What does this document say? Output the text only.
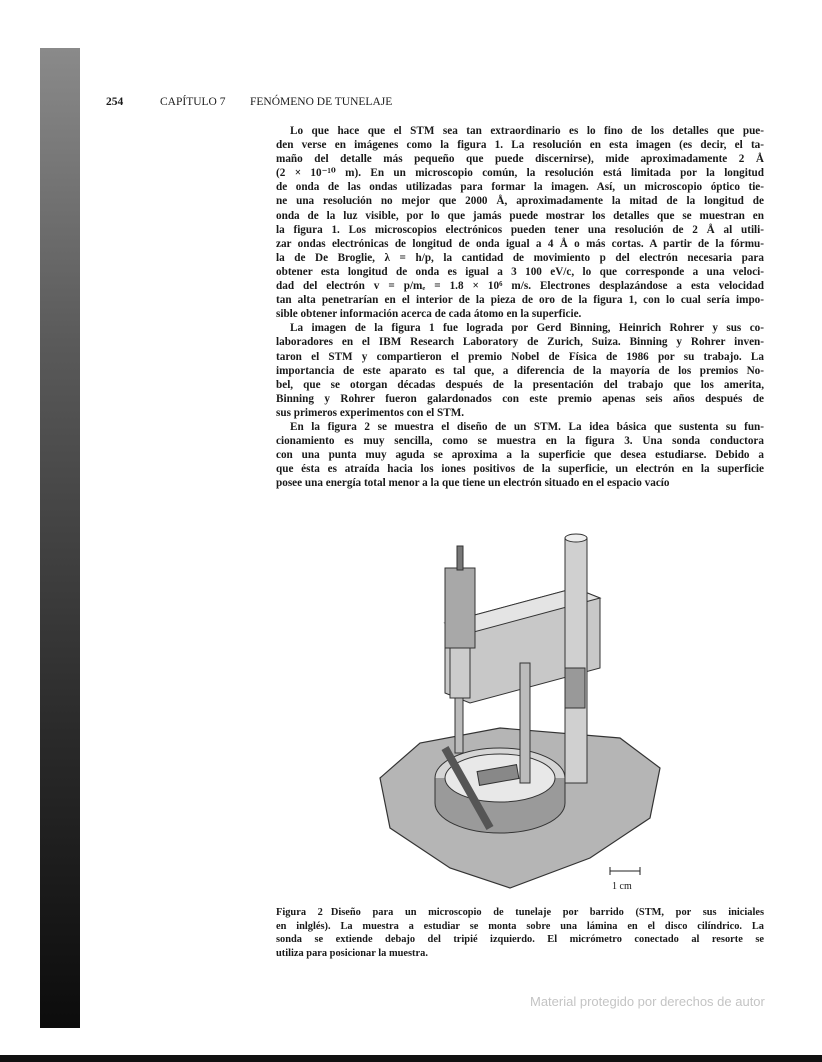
254	CAPÍTULO 7 FENÓMENO DE TUNELAJE
Lo que hace que el STM sea tan extraordinario es lo fino de los detalles que pue-
den verse en imágenes como la figura 1. La resolución en esta imagen (es decir, el ta-
maño del detalle más pequeño que puede discernirse), mide aproximadamente 2 Å
(2 × 10⁻¹⁰ m). En un microscopio común, la resolución está limitada por la longitud
de onda de las ondas utilizadas para formar la imagen. Así, un microscopio óptico tie-
ne una resolución no mejor que 2000 Å, aproximadamente la mitad de la longitud de
onda de la luz visible, por lo que jamás puede mostrar los detalles que se muestran en
la figura 1. Los microscopios electrónicos pueden tener una resolución de 2 Å al utili-
zar ondas electrónicas de longitud de onda igual a 4 Å o más cortas. A partir de la fórmu-
la de De Broglie, λ = h/p, la cantidad de movimiento p del electrón necesaria para
obtener esta longitud de onda es igual a 3 100 eV/c, lo que corresponde a una veloci-
dad del electrón v = p/mₑ = 1.8 × 10⁶ m/s. Electrones desplazándose a esta velocidad
tan alta penetrarían en el interior de la pieza de oro de la figura 1, con lo cual sería impo-
sible obtener información acerca de cada átomo en la superficie.
La imagen de la figura 1 fue lograda por Gerd Binning, Heinrich Rohrer y sus co-
laboradores en el IBM Research Laboratory de Zurich, Suiza. Binning y Rohrer inven-
taron el STM y compartieron el premio Nobel de Física de 1986 por su trabajo. La
importancia de este aparato es tal que, a diferencia de la mayoría de los premios No-
bel, que se otorgan décadas después de la presentación del trabajo que los amerita,
Binning y Rohrer fueron galardonados con este premio apenas seis años después de
sus primeros experimentos con el STM.
En la figura 2 se muestra el diseño de un STM. La idea básica que sustenta su fun-
cionamiento es muy sencilla, como se muestra en la figura 3. Una sonda conductora
con una punta muy aguda se aproxima a la superficie que desea estudiarse. Debido a
que ésta es atraída hacia los iones positivos de la superficie, un electrón en la superficie
posee una energía total menor a la que tiene un electrón situado en el espacio vacío
1 cm
Figura 2 Diseño para un microscopio de tunelaje por barrido (STM, por sus iniciales
en inlglés). La muestra a estudiar se monta sobre una lámina en el disco cilíndrico. La
sonda se extiende debajo del tripié izquierdo. El micrómetro conectado al resorte se
utiliza para posicionar la muestra.
Material protegido por derechos de autor
